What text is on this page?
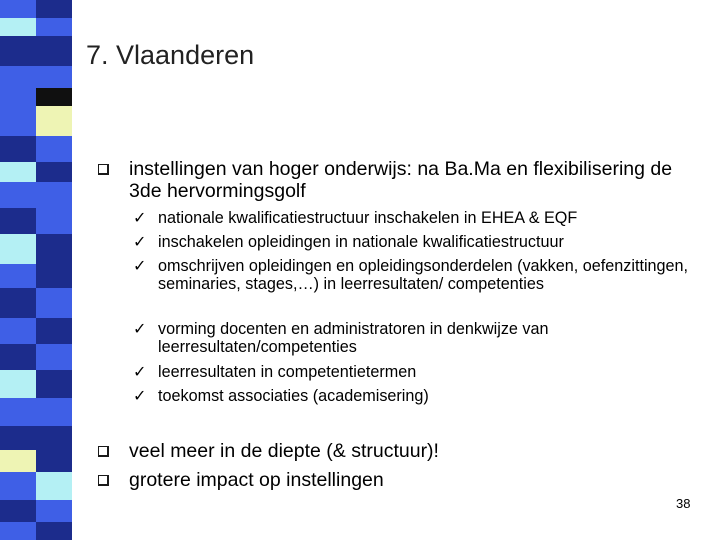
7. Vlaanderen
instellingen van hoger onderwijs: na Ba.Ma en flexibilisering de 3de hervormingsgolf
✓ nationale kwalificatiestructuur inschakelen in EHEA & EQF
✓ inschakelen opleidingen in nationale kwalificatiestructuur
✓ omschrijven opleidingen en opleidingsonderdelen (vakken, oefenzittingen, seminaries, stages,…) in leerresultaten/ competenties
✓ vorming docenten en administratoren in denkwijze van leerresultaten/competenties
✓ leerresultaten in competentietermen
✓ toekomst associaties (academisering)
veel meer in de diepte (& structuur)!
grotere impact op instellingen
38
